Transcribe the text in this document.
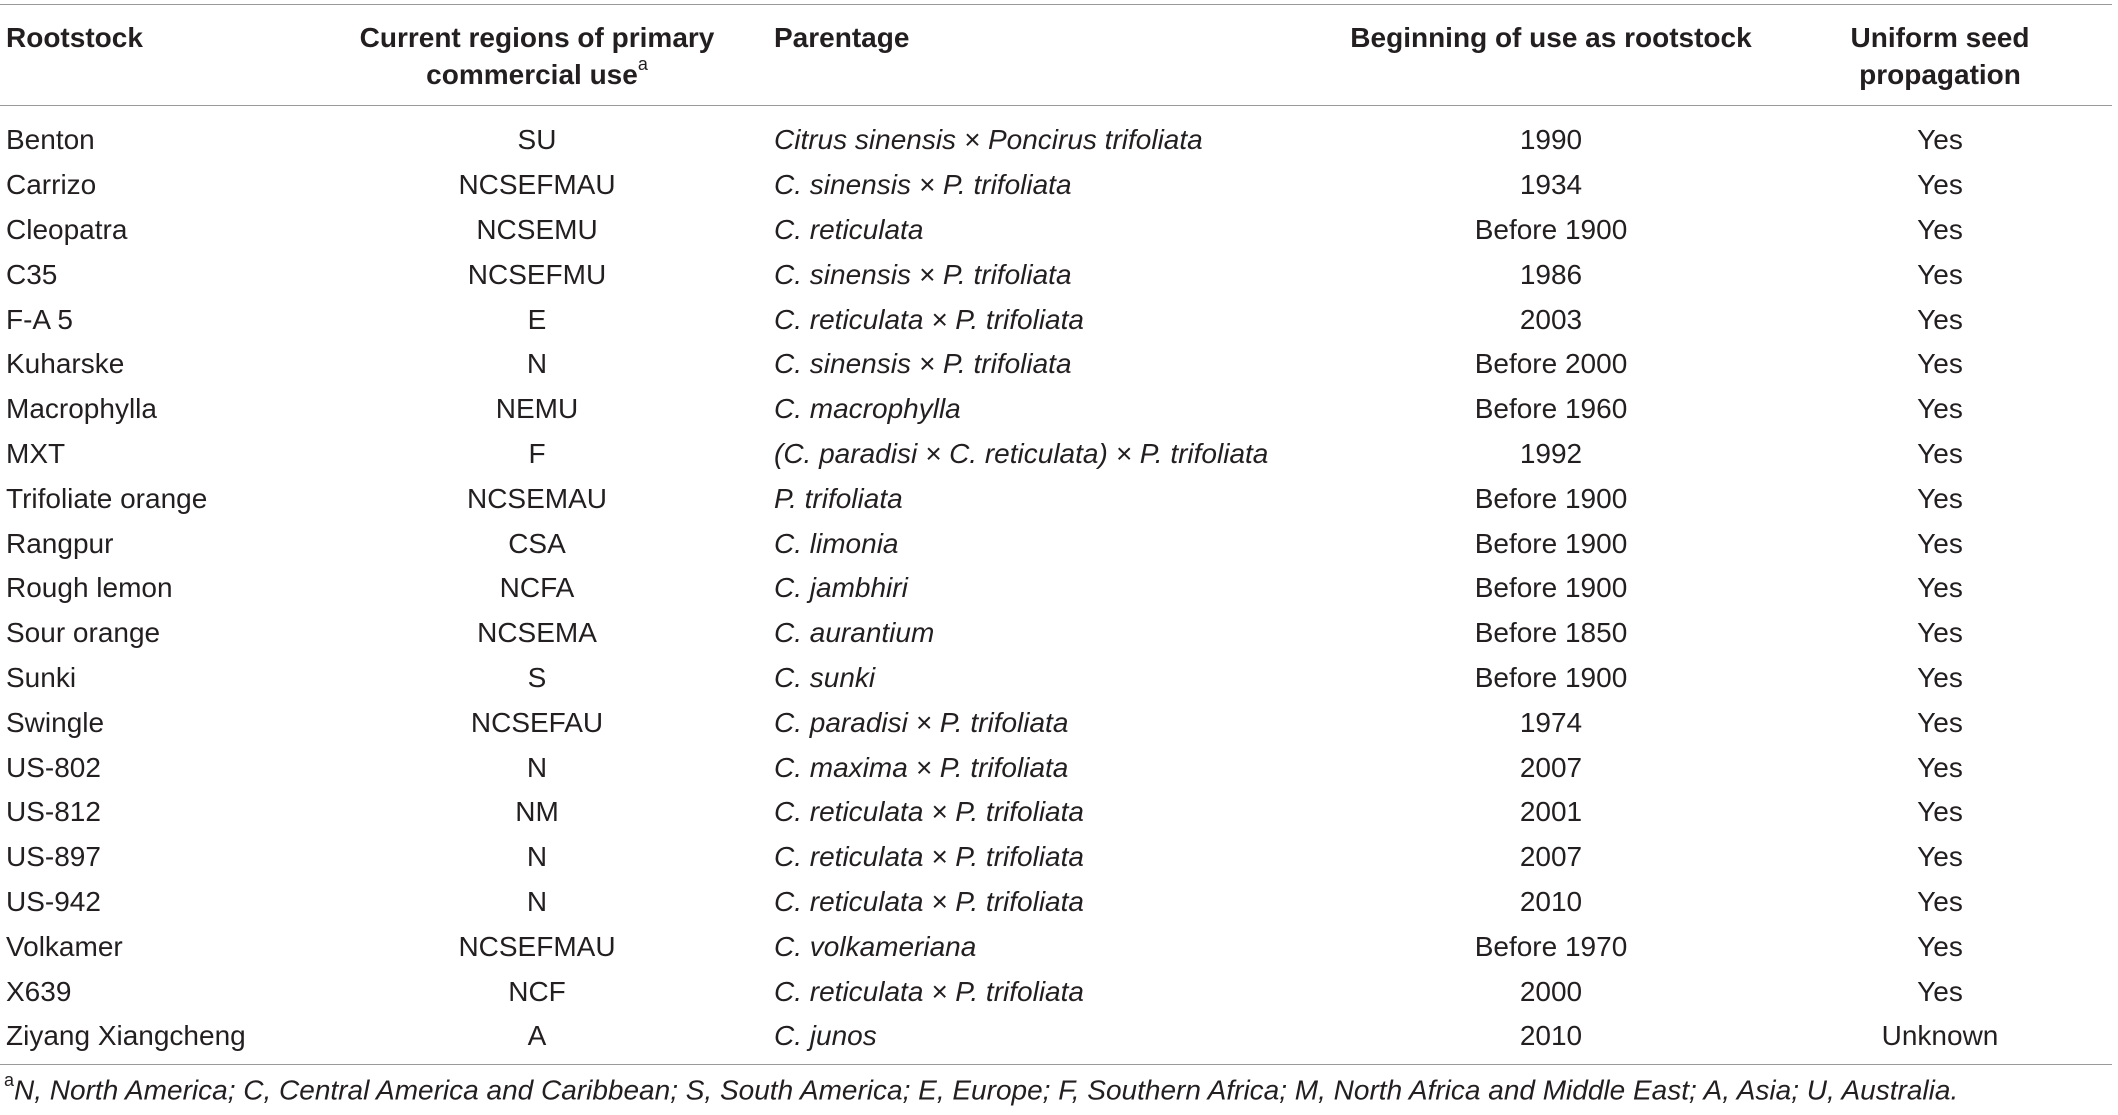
Rootstock	Current regions of primary commercial use$^a$	Parentage	Beginning of use as rootstock	Uniform seed propagation
Benton	SU	Citrus sinensis × Poncirus trifoliata	1990	Yes
Carrizo	NCSEFMAU	C. sinensis × P. trifoliata	1934	Yes
Cleopatra	NCSEMU	C. reticulata	Before 1900	Yes
C35	NCSEFMU	C. sinensis × P. trifoliata	1986	Yes
F-A 5	E	C. reticulata × P. trifoliata	2003	Yes
Kuharske	N	C. sinensis × P. trifoliata	Before 2000	Yes
Macrophylla	NEMU	C. macrophylla	Before 1960	Yes
MXT	F	(C. paradisi × C. reticulata) × P. trifoliata	1992	Yes
Trifoliate orange	NCSEMAU	P. trifoliata	Before 1900	Yes
Rangpur	CSA	C. limonia	Before 1900	Yes
Rough lemon	NCFA	C. jambhiri	Before 1900	Yes
Sour orange	NCSEMA	C. aurantium	Before 1850	Yes
Sunki	S	C. sunki	Before 1900	Yes
Swingle	NCSEFAU	C. paradisi × P. trifoliata	1974	Yes
US-802	N	C. maxima × P. trifoliata	2007	Yes
US-812	NM	C. reticulata × P. trifoliata	2001	Yes
US-897	N	C. reticulata × P. trifoliata	2007	Yes
US-942	N	C. reticulata × P. trifoliata	2010	Yes
Volkamer	NCSEFMAU	C. volkameriana	Before 1970	Yes
X639	NCF	C. reticulata × P. trifoliata	2000	Yes
Ziyang Xiangcheng	A	C. junos	2010	Unknown
$^a$N, North America; C, Central America and Caribbean; S, South America; E, Europe; F, Southern Africa; M, North Africa and Middle East; A, Asia; U, Australia.
